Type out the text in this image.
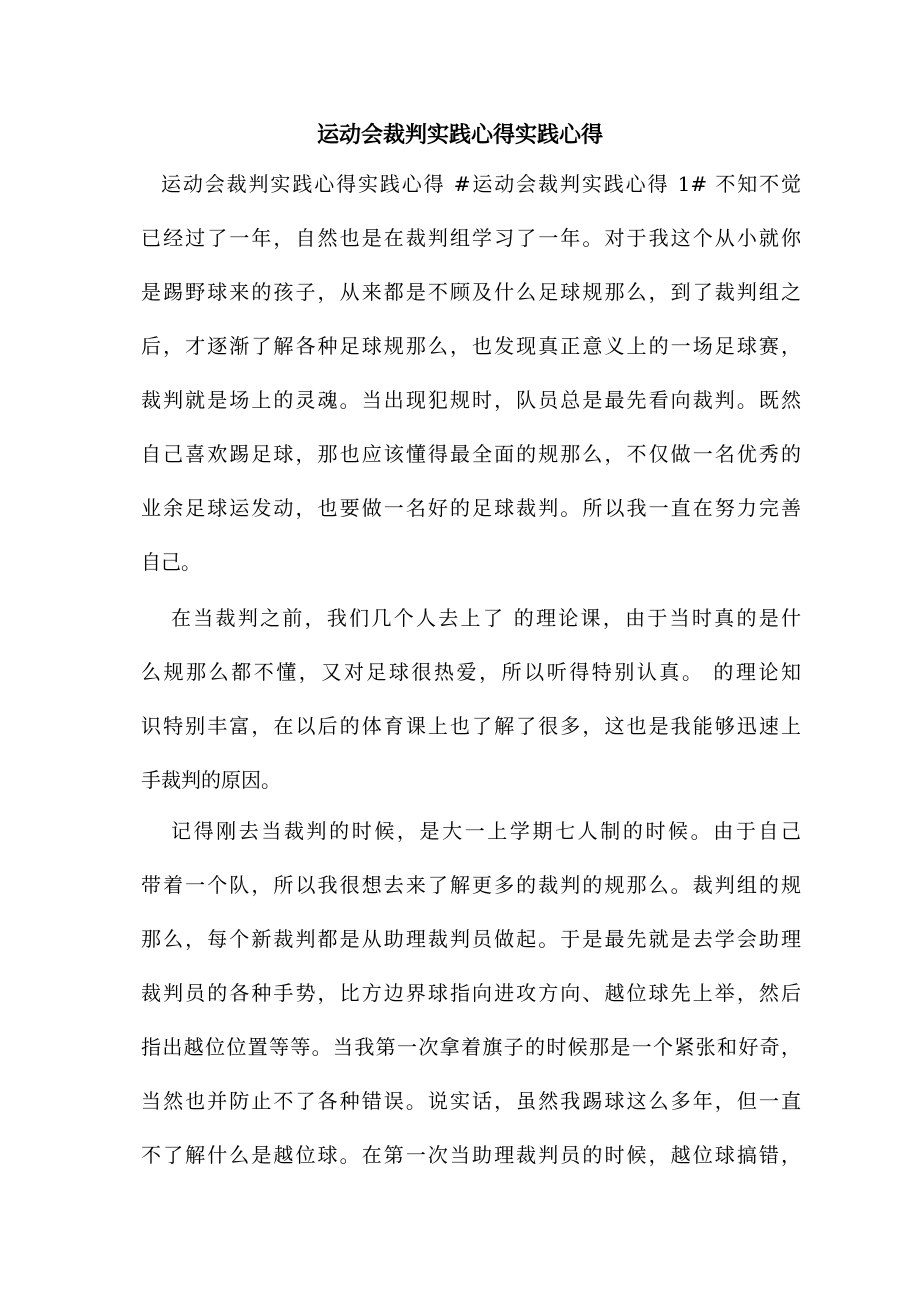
运动会裁判实践心得实践心得
运动会裁判实践心得实践心得 #运动会裁判实践心得 1# 不知不觉
已经过了一年，自然也是在裁判组学习了一年。对于我这个从小就你
是踢野球来的孩子，从来都是不顾及什么足球规那么，到了裁判组之
后，才逐渐了解各种足球规那么，也发现真正意义上的一场足球赛，
裁判就是场上的灵魂。当出现犯规时，队员总是最先看向裁判。既然
自己喜欢踢足球，那也应该懂得最全面的规那么，不仅做一名优秀的
业余足球运发动，也要做一名好的足球裁判。所以我一直在努力完善
自己。
在当裁判之前，我们几个人去上了 的理论课，由于当时真的是什
么规那么都不懂，又对足球很热爱，所以听得特别认真。 的理论知
识特别丰富，在以后的体育课上也了解了很多，这也是我能够迅速上
手裁判的原因。
记得刚去当裁判的时候，是大一上学期七人制的时候。由于自己
带着一个队，所以我很想去来了解更多的裁判的规那么。裁判组的规
那么，每个新裁判都是从助理裁判员做起。于是最先就是去学会助理
裁判员的各种手势，比方边界球指向进攻方向、越位球先上举，然后
指出越位位置等等。当我第一次拿着旗子的时候那是一个紧张和好奇，
当然也并防止不了各种错误。说实话，虽然我踢球这么多年，但一直
不了解什么是越位球。在第一次当助理裁判员的时候，越位球搞错，
